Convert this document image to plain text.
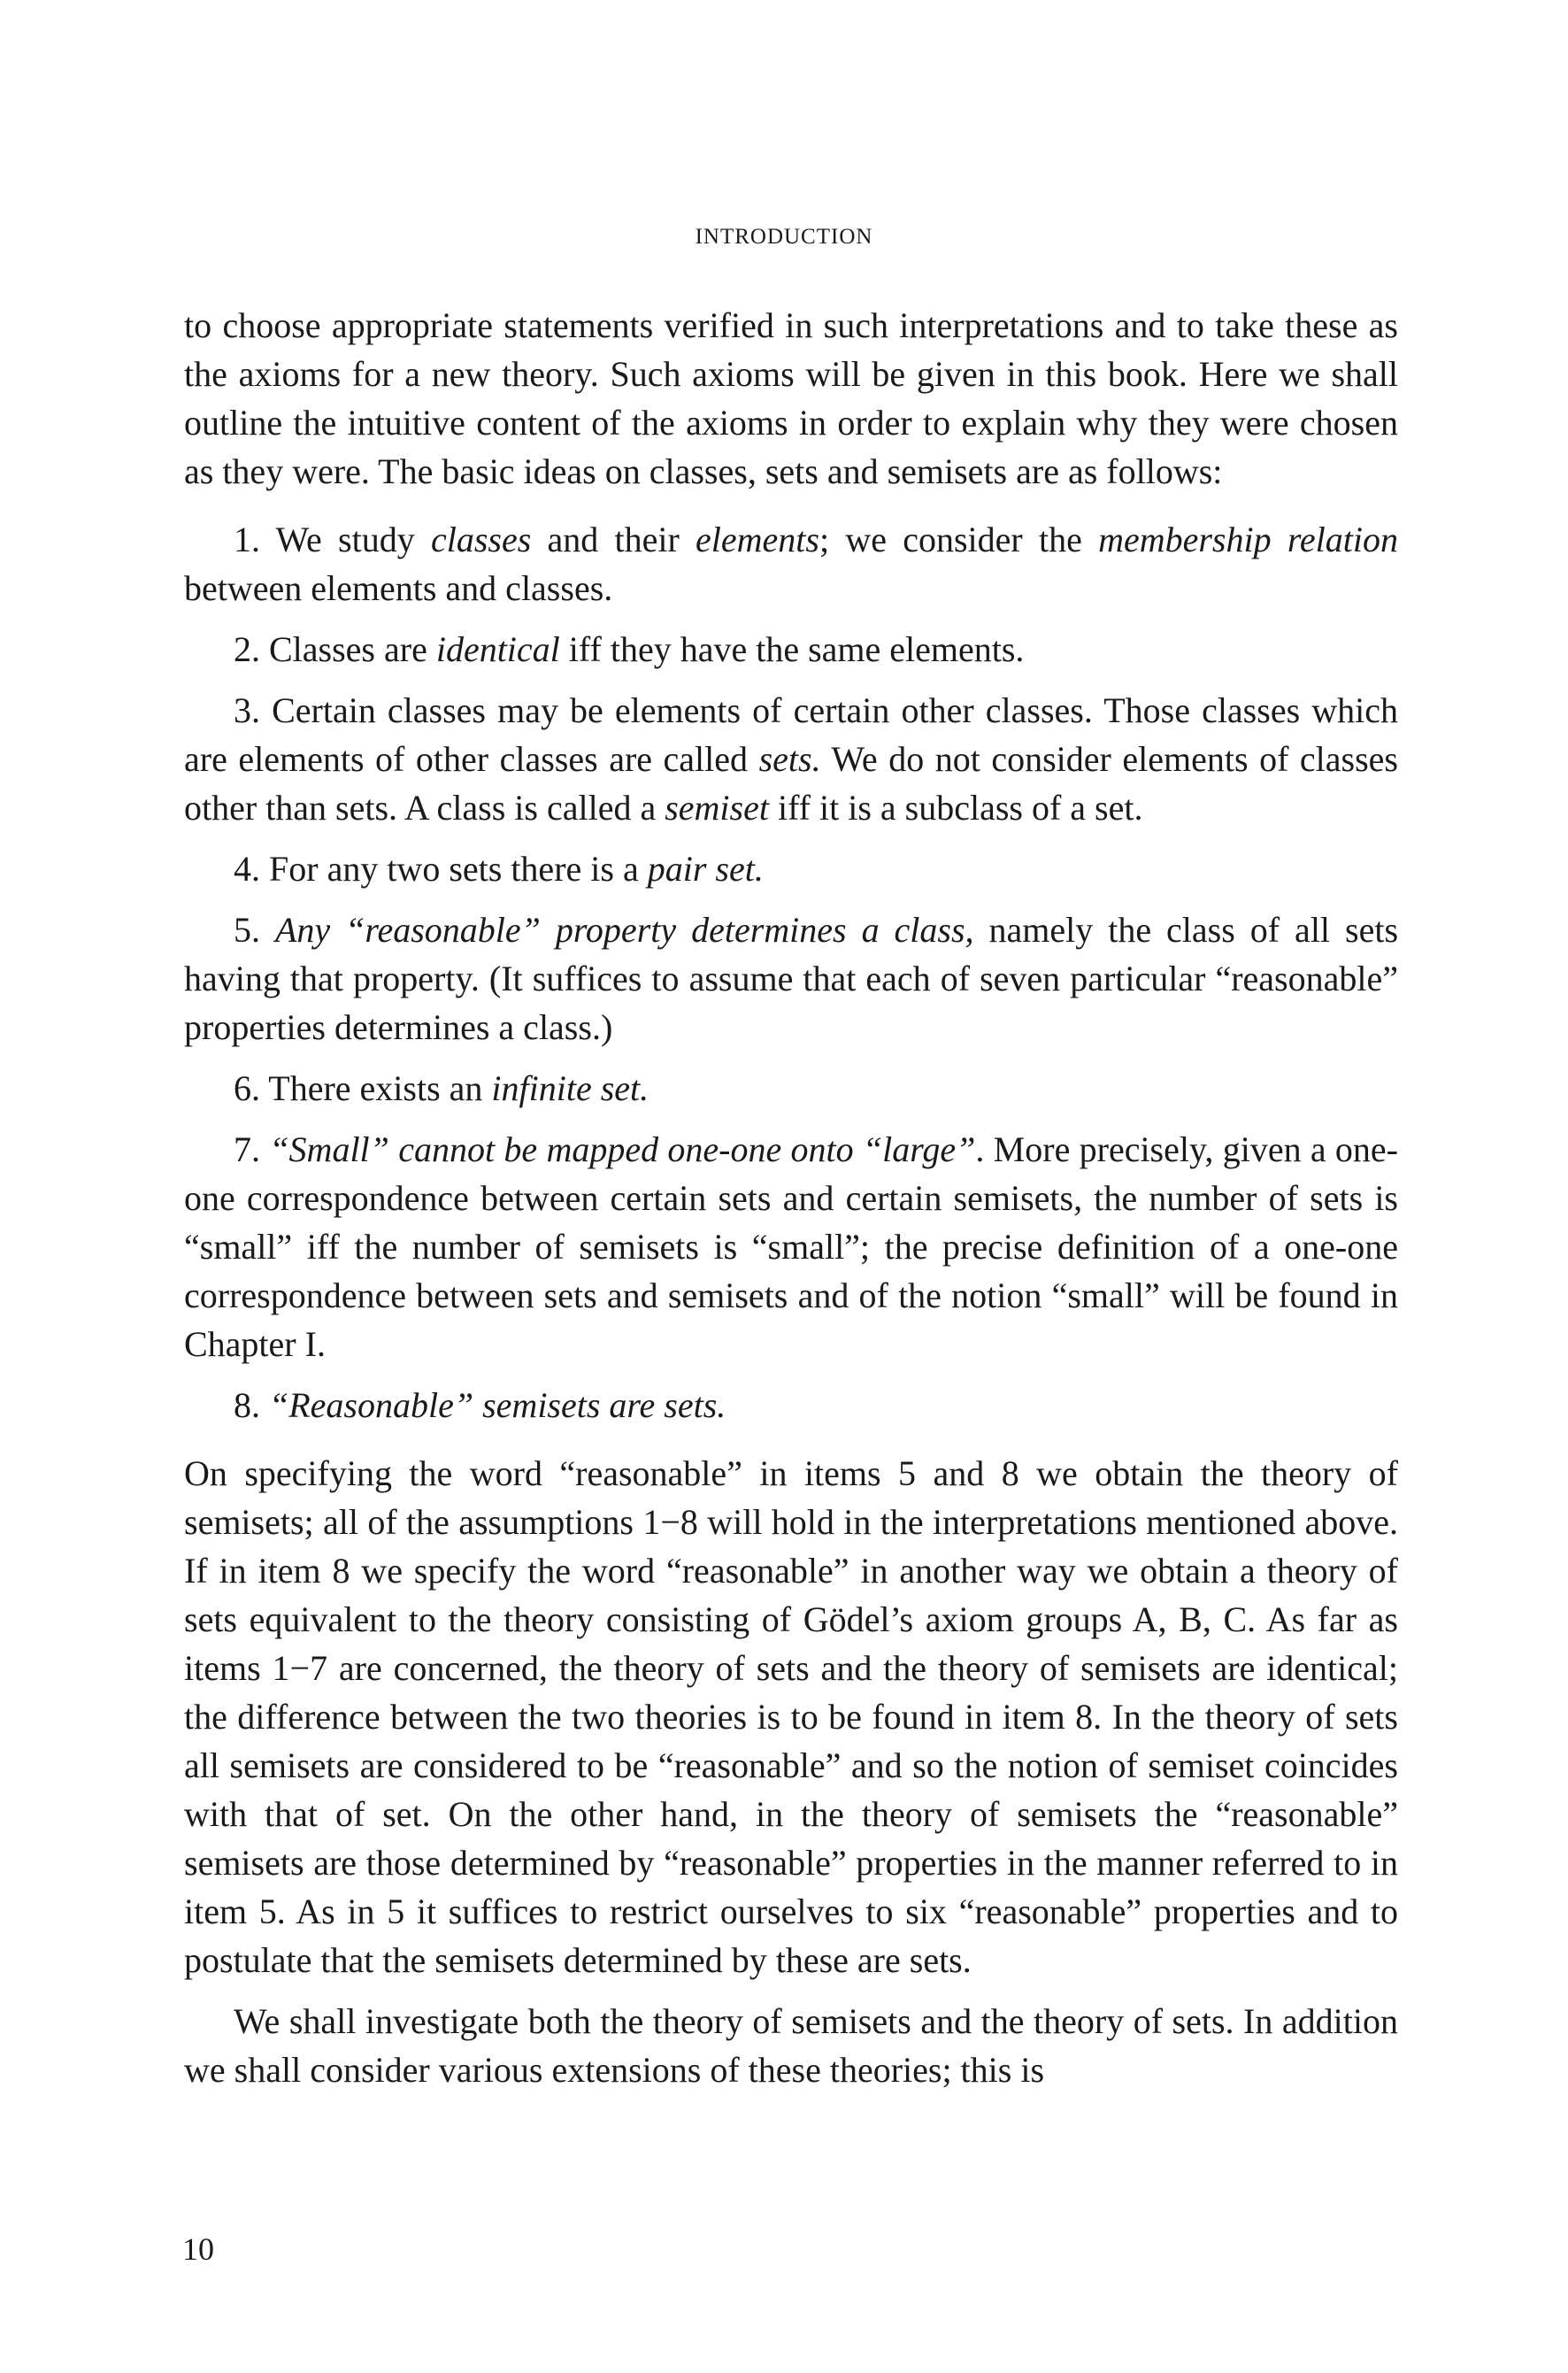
INTRODUCTION

to choose appropriate statements verified in such interpretations and to take these as the axioms for a new theory. Such axioms will be given in this book. Here we shall outline the intuitive content of the axioms in order to explain why they were chosen as they were. The basic ideas on classes, sets and semisets are as follows:

1. We study classes and their elements; we consider the membership relation between elements and classes.

2. Classes are identical iff they have the same elements.

3. Certain classes may be elements of certain other classes. Those classes which are elements of other classes are called sets. We do not consider elements of classes other than sets. A class is called a semiset iff it is a subclass of a set.

4. For any two sets there is a pair set.

5. Any “reasonable” property determines a class, namely the class of all sets having that property. (It suffices to assume that each of seven particular “reasonable” properties determines a class.)

6. There exists an infinite set.

7. “Small” cannot be mapped one-one onto “large”. More precisely, given a one-one correspondence between certain sets and certain semisets, the number of sets is “small” iff the number of semisets is “small”; the precise definition of a one-one correspondence between sets and semisets and of the notion “small” will be found in Chapter I.

8. “Reasonable” semisets are sets.

On specifying the word “reasonable” in items 5 and 8 we obtain the theory of semisets; all of the assumptions 1−8 will hold in the interpretations mentioned above. If in item 8 we specify the word “reasonable” in another way we obtain a theory of sets equivalent to the theory consisting of Gödel’s axiom groups A, B, C. As far as items 1−7 are concerned, the theory of sets and the theory of semisets are identical; the difference between the two theories is to be found in item 8. In the theory of sets all semisets are considered to be “reasonable” and so the notion of semiset coincides with that of set. On the other hand, in the theory of semisets the “reasonable” semisets are those determined by “reasonable” properties in the manner referred to in item 5. As in 5 it suffices to restrict ourselves to six “reasonable” properties and to postulate that the semisets determined by these are sets.

We shall investigate both the theory of semisets and the theory of sets. In addition we shall consider various extensions of these theories; this is

10
